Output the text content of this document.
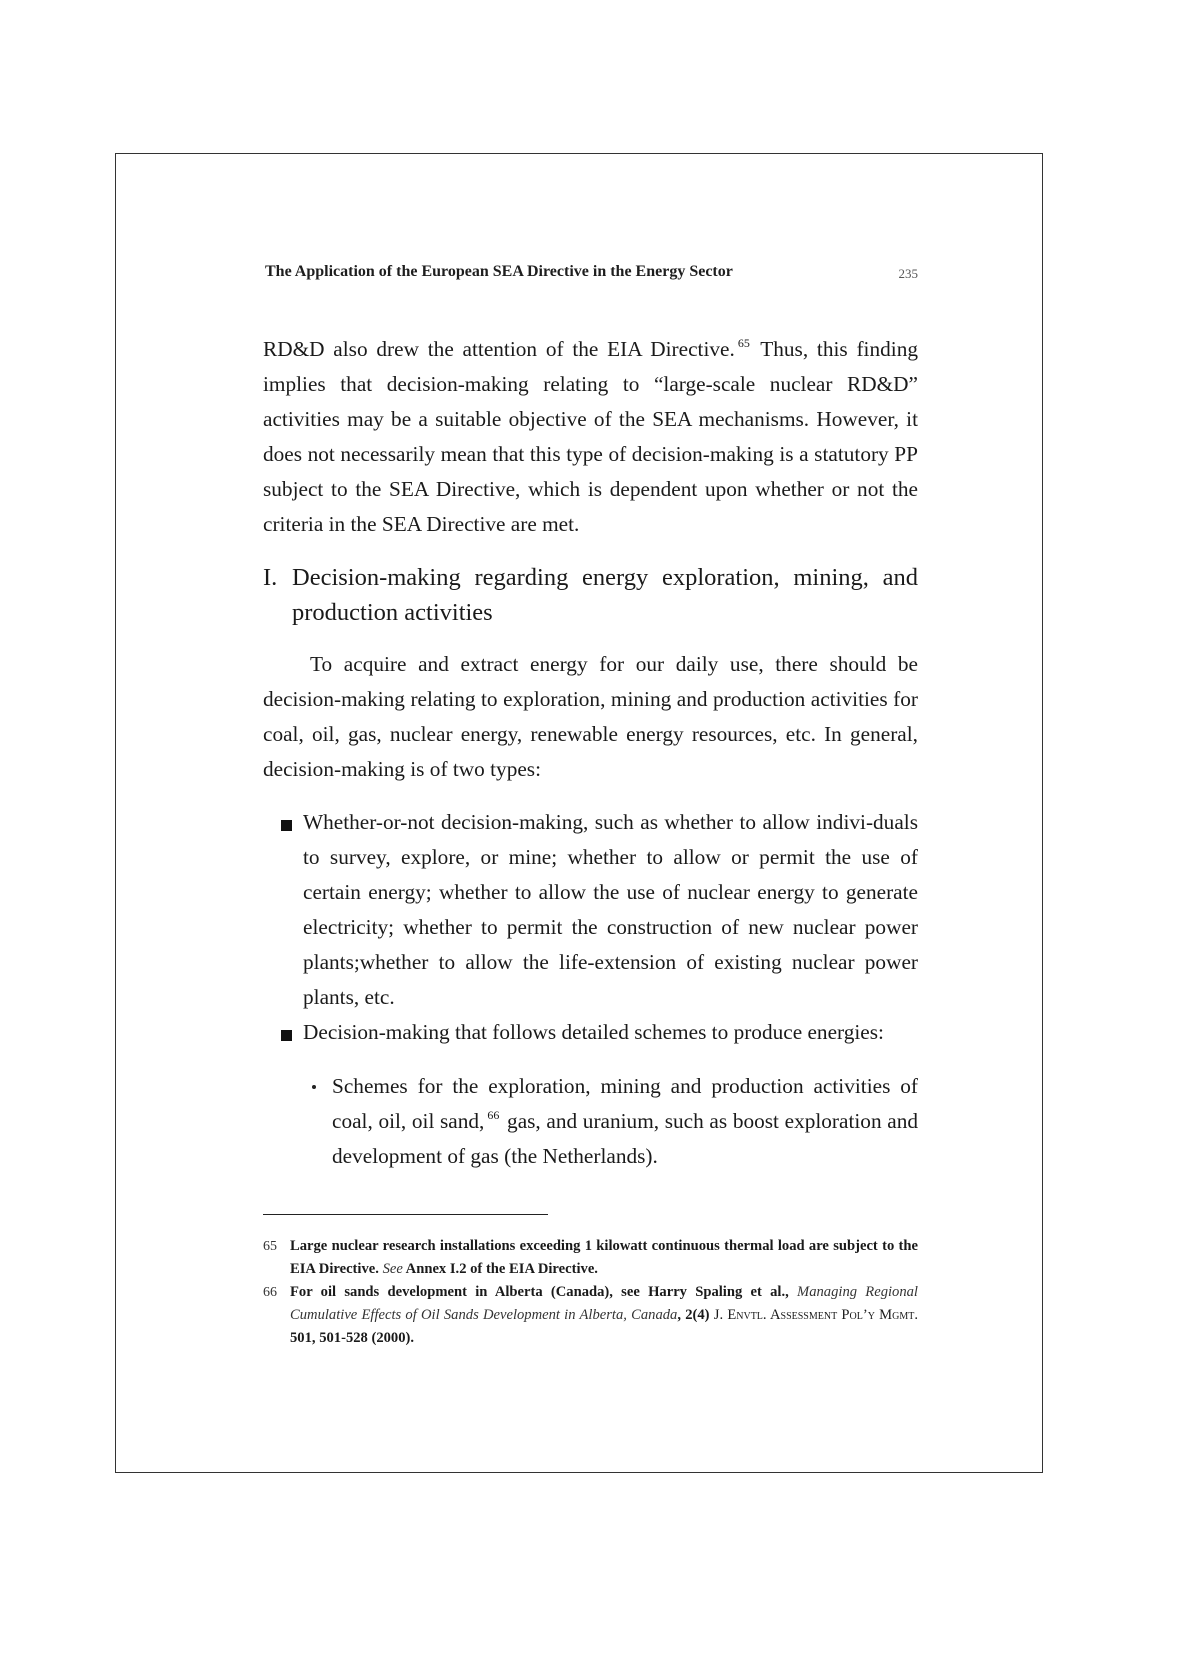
The Application of the European SEA Directive in the Energy Sector	235

RD&D also drew the attention of the EIA Directive. $^{65}$ Thus, this finding implies that decision-making relating to “large-scale nuclear RD&D” activities may be a suitable objective of the SEA mechanisms. However, it does not necessarily mean that this type of decision-making is a statutory PP subject to the SEA Directive, which is dependent upon whether or not the criteria in the SEA Directive are met.

I. Decision-making regarding energy exploration, mining, and production activities

To acquire and extract energy for our daily use, there should be decision-making relating to exploration, mining and production activities for coal, oil, gas, nuclear energy, renewable energy resources, etc. In general, decision-making is of two types:

Whether-or-not decision-making, such as whether to allow indivi-duals to survey, explore, or mine; whether to allow or permit the use of certain energy; whether to allow the use of nuclear energy to generate electricity; whether to permit the construction of new nuclear power plants;whether to allow the life-extension of existing nuclear power plants, etc.

Decision-making that follows detailed schemes to produce energies:

Schemes for the exploration, mining and production activities of coal, oil, oil sand, $^{66}$ gas, and uranium, such as boost exploration and development of gas (the Netherlands).

65 Large nuclear research installations exceeding 1 kilowatt continuous thermal load are subject to the EIA Directive. See Annex I.2 of the EIA Directive.
66 For oil sands development in Alberta (Canada), see Harry Spaling et al., Managing Regional Cumulative Effects of Oil Sands Development in Alberta, Canada, 2(4) J. Envtl. Assessment Pol’y Mgmt. 501, 501-528 (2000).
